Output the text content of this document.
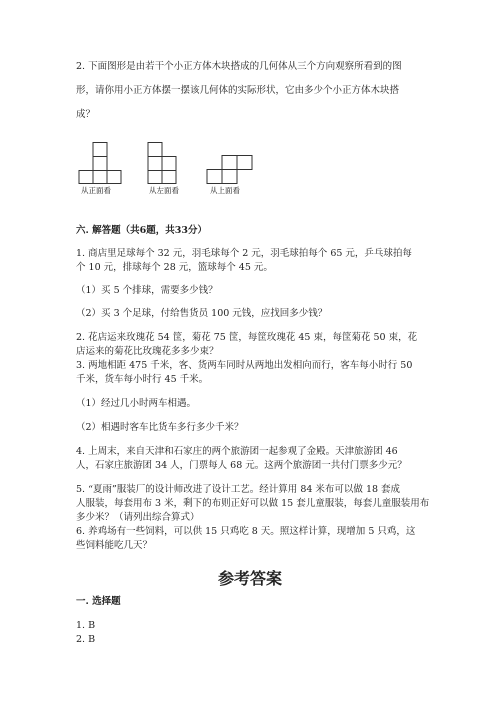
2. 下面图形是由若干个小正方体木块搭成的几何体从三个方向观察所看到的图
形，请你用小正方体摆一摆该几何体的实际形状，它由多少个小正方体木块搭
成？
从正面看	从左面看	从上面看
六. 解答题（共6题，共33分）
1. 商店里足球每个 32 元，羽毛球每个 2 元，羽毛球拍每个 65 元，乒乓球拍每
个 10 元，排球每个 28 元，篮球每个 45 元。
（1）买 5 个排球，需要多少钱？
（2）买 3 个足球，付给售货员 100 元钱，应找回多少钱？
2. 花店运来玫瑰花 54 筐，菊花 75 筐，每筐玫瑰花 45 束，每筐菊花 50 束，花
店运来的菊花比玫瑰花多多少束？
3. 两地相距 475 千米，客、货两车同时从两地出发相向而行，客车每小时行 50
千米，货车每小时行 45 千米。
（1）经过几小时两车相遇。
（2）相遇时客车比货车多行多少千米？
4. 上周末，来自天津和石家庄的两个旅游团一起参观了金殿。天津旅游团 46
人，石家庄旅游团 34 人，门票每人 68 元。这两个旅游团一共付门票多少元？
5. “夏雨”服装厂的设计师改进了设计工艺。经计算用 84 米布可以做 18 套成
人服装，每套用布 3 米，剩下的布则正好可以做 15 套儿童服装，每套儿童服装用布
多少米？（请列出综合算式）
6. 养鸡场有一些饲料，可以供 15 只鸡吃 8 天。照这样计算，现增加 5 只鸡，这
些饲料能吃几天？
参考答案
一. 选择题
1. B
2. B
